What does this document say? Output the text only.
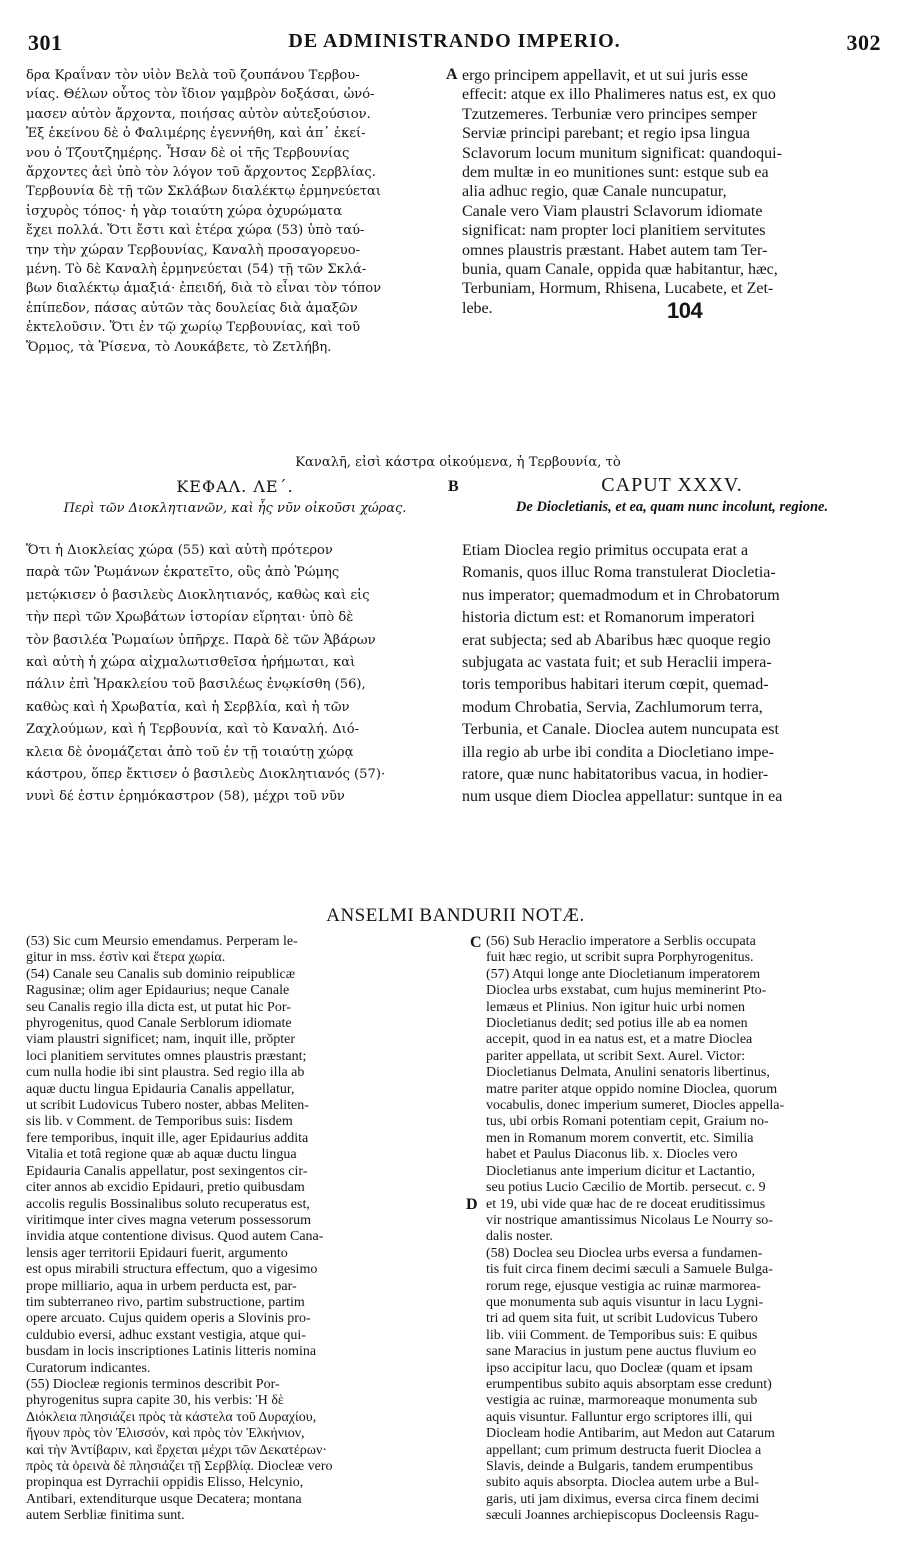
301	DE ADMINISTRANDO IMPERIO.	302
A
B
C
D
104

δρα Κραΐναν τὸν υἱὸν Βελὰ τοῦ ζουπάνου Τερβου-

νίας. Θέλων οὗτος τὸν ἴδιον γαμβρὸν δοξάσαι, ὠνό-

μασεν αὐτὸν ἄρχοντα, ποιήσας αὐτὸν αὐτεξούσιον.

Ἐξ ἐκείνου δὲ ὁ Φαλιμέρης ἐγεννήθη, καὶ ἀπ᾿ ἐκεί-

νου ὁ Τζουτζημέρης. Ἦσαν δὲ οἱ τῆς Τερβουνίας

ἄρχοντες ἀεὶ ὑπὸ τὸν λόγον τοῦ ἄρχοντος Σερβλίας.

Τερβουνία δὲ τῇ τῶν Σκλάβων διαλέκτῳ ἑρμηνεύεται

ἰσχυρὸς τόπος· ἡ γὰρ τοιαύτη χώρα ὀχυρώματα

ἔχει πολλά. Ὅτι ἔστι καὶ ἑτέρα χώρα (53) ὑπὸ ταύ-

την τὴν χώραν Τερβουνίας, Καναλὴ προσαγορευο-

μένη. Τὸ δὲ Καναλὴ ἑρμηνεύεται (54) τῇ τῶν Σκλά-

βων διαλέκτῳ ἁμαξιά· ἐπειδή, διὰ τὸ εἶναι τὸν τόπον

ἐπίπεδον, πάσας αὐτῶν τὰς δουλείας διὰ ἁμαξῶν

ἐκτελοῦσιν. Ὅτι ἐν τῷ χωρίῳ Τερβουνίας, καὶ τοῦ

Ὅρμος, τὰ Ῥίσενα, τὸ Λουκάβετε, τὸ Ζετλήβη.

ergo principem appellavit, et ut sui juris esse

effecit: atque ex illo Phalimeres natus est, ex quo

Tzutzemeres. Terbuniæ vero principes semper

Serviæ principi parebant; et regio ipsa lingua

Sclavorum locum munitum significat: quandoqui-

dem multæ in eo munitiones sunt: estque sub ea

alia adhuc regio, quæ Canale nuncupatur,

Canale vero Viam plaustri Sclavorum idiomate

significat: nam propter loci planitiem servitutes

omnes plaustris præstant. Habet autem tam Ter-

bunia, quam Canale, oppida quæ habitantur, hæc,

Terbuniam, Hormum, Rhisena, Lucabete, et Zet-

lebe.

Καναλῆ, εἰσὶ κάστρα οἰκούμενα, ἡ Τερβουνία, τὸ

ΚΕΦΑΛ. ΛΕ΄.
Περὶ τῶν Διοκλητιανῶν, καὶ ἧς νῦν οἰκοῦσι χώρας.
CAPUT XXXV.
De Diocletianis, et ea, quam nunc incolunt, regione.

Ὅτι ἡ Διοκλείας χώρα (55) καὶ αὐτὴ πρότερον

παρὰ τῶν Ῥωμάνων ἐκρατεῖτο, οὓς ἀπὸ Ῥώμης

μετῴκισεν ὁ βασιλεὺς Διοκλητιανός, καθὼς καὶ εἰς

τὴν περὶ τῶν Χρωβάτων ἱστορίαν εἴρηται· ὑπὸ δὲ

τὸν βασιλέα Ῥωμαίων ὑπῆρχε. Παρὰ δὲ τῶν Ἀβάρων

καὶ αὐτὴ ἡ χώρα αἰχμαλωτισθεῖσα ἠρήμωται, καὶ

πάλιν ἐπὶ Ἡρακλείου τοῦ βασιλέως ἐνῳκίσθη (56),

καθὼς καὶ ἡ Χρωβατία, καὶ ἡ Σερβλία, καὶ ἡ τῶν

Ζαχλούμων, καὶ ἡ Τερβουνία, καὶ τὸ Καναλή. Διό-

κλεια δὲ ὀνομάζεται ἀπὸ τοῦ ἐν τῇ τοιαύτῃ χώρᾳ

κάστρου, ὅπερ ἔκτισεν ὁ βασιλεὺς Διοκλητιανός (57)·

νυνὶ δέ ἐστιν ἐρημόκαστρον (58), μέχρι τοῦ νῦν

Etiam Dioclea regio primitus occupata erat a

Romanis, quos illuc Roma transtulerat Diocletia-

nus imperator; quemadmodum et in Chrobatorum

historia dictum est: et Romanorum imperatori

erat subjecta; sed ab Abaribus hæc quoque regio

subjugata ac vastata fuit; et sub Heraclii impera-

toris temporibus habitari iterum cœpit, quemad-

modum Chrobatia, Servia, Zachlumorum terra,

Terbunia, et Canale. Dioclea autem nuncupata est

illa regio ab urbe ibi condita a Diocletiano impe-

ratore, quæ nunc habitatoribus vacua, in hodier-

num usque diem Dioclea appellatur: suntque in ea

ANSELMI BANDURII NOTÆ.

(53) Sic cum Meursio emendamus. Perperam le-

gitur in mss. ἐστὶν καὶ ἕτερα χωρία.

(54) Canale seu Canalis sub dominio reipublicæ

Ragusinæ; olim ager Epidaurius; neque Canale

seu Canalis regio illa dicta est, ut putat hic Por-

phyrogenitus, quod Canale Serblorum idiomate

viam plaustri significet; nam, inquit ille, prŏpter

loci planitiem servitutes omnes plaustris præstant;

cum nulla hodie ibi sint plaustra. Sed regio illa ab

aquæ ductu lingua Epidauria Canalis appellatur,

ut scribit Ludovicus Tubero noster, abbas Meliten-

sis lib. v Comment. de Temporibus suis: Iisdem

fere temporibus, inquit ille, ager Epidaurius addita

Vitalia et totâ regione quæ ab aquæ ductu lingua

Epidauria Canalis appellatur, post sexingentos cir-

citer annos ab excidio Epidauri, pretio quibusdam

accolis regulis Bossinalibus soluto recuperatus est,

viritimque inter cives magna veterum possessorum

invidia atque contentione divisus. Quod autem Cana-

lensis ager territorii Epidauri fuerit, argumento

est opus mirabili structura effectum, quo a vigesimo

prope milliario, aqua in urbem perducta est, par-

tim subterraneo rivo, partim substructione, partim

opere arcuato. Cujus quidem operis a Slovinis pro-

culdubio eversi, adhuc exstant vestigia, atque qui-

busdam in locis inscriptiones Latinis litteris nomina

Curatorum indicantes.

(55) Diocleæ regionis terminos describit Por-

phyrogenitus supra capite 30, his verbis: Ἡ δὲ

Διόκλεια πλησιάζει πρὸς τὰ κάστελα τοῦ Δυραχίου,

ἤγουν πρὸς τὸν Ἐλισσόν, καὶ πρὸς τὸν Ἐλκήνιον,

καὶ τὴν Ἀντίβαριν, καὶ ἔρχεται μέχρι τῶν Δεκατέρων·

πρὸς τὰ ὀρεινὰ δὲ πλησιάζει τῇ Σερβλίᾳ. Diocleæ vero

propinqua est Dyrrachii oppidis Elisso, Helcynio,

Antibari, extenditurque usque Decatera; montana

autem Serbliæ finitima sunt.

(56) Sub Heraclio imperatore a Serblis occupata

fuit hæc regio, ut scribit supra Porphyrogenitus.

(57) Atqui longe ante Diocletianum imperatorem

Dioclea urbs exstabat, cum hujus meminerint Pto-

lemæus et Plinius. Non igitur huic urbi nomen

Diocletianus dedit; sed potius ille ab ea nomen

accepit, quod in ea natus est, et a matre Dioclea

pariter appellata, ut scribit Sext. Aurel. Victor:

Diocletianus Delmata, Anulini senatoris libertinus,

matre pariter atque oppido nomine Dioclea, quorum

vocabulis, donec imperium sumeret, Diocles appella-

tus, ubi orbis Romani potentiam cepit, Graium no-

men in Romanum morem convertit, etc. Similia

habet et Paulus Diaconus lib. x. Diocles vero

Diocletianus ante imperium dicitur et Lactantio,

seu potius Lucio Cæcilio de Mortib. persecut. c. 9

et 19, ubi vide quæ hac de re doceat eruditissimus

vir nostrique amantissimus Nicolaus Le Nourry so-

dalis noster.

(58) Doclea seu Dioclea urbs eversa a fundamen-

tis fuit circa finem decimi sæculi a Samuele Bulga-

rorum rege, ejusque vestigia ac ruinæ marmorea-

que monumenta sub aquis visuntur in lacu Lygni-

tri ad quem sita fuit, ut scribit Ludovicus Tubero

lib. viii Comment. de Temporibus suis: E quibus

sane Maracius in justum pene auctus fluvium eo

ipso accipitur lacu, quo Docleæ (quam et ipsam

erumpentibus subito aquis absorptam esse credunt)

vestigia ac ruinæ, marmoreaque monumenta sub

aquis visuntur. Falluntur ergo scriptores illi, qui

Diocleam hodie Antibarim, aut Medon aut Catarum

appellant; cum primum destructa fuerit Dioclea a

Slavis, deinde a Bulgaris, tandem erumpentibus

subito aquis absorpta. Dioclea autem urbe a Bul-

garis, uti jam diximus, eversa circa finem decimi

sæculi Joannes archiepiscopus Docleensis Ragu-
